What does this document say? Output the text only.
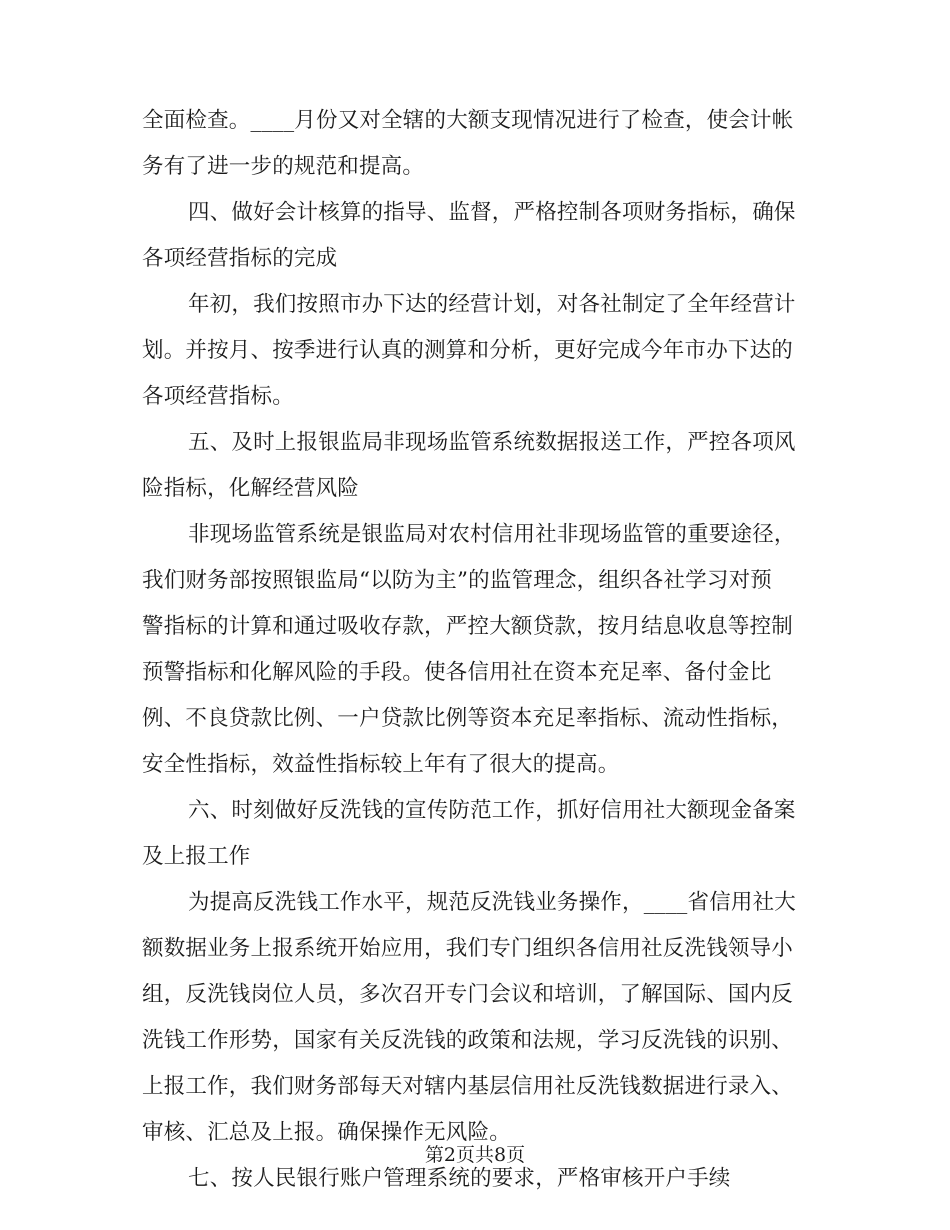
全面检查。____月份又对全辖的大额支现情况进行了检查，使会计帐
务有了进一步的规范和提高。
四、做好会计核算的指导、监督，严格控制各项财务指标，确保
各项经营指标的完成
年初，我们按照市办下达的经营计划，对各社制定了全年经营计
划。并按月、按季进行认真的测算和分析，更好完成今年市办下达的
各项经营指标。
五、及时上报银监局非现场监管系统数据报送工作，严控各项风
险指标，化解经营风险
非现场监管系统是银监局对农村信用社非现场监管的重要途径，
我们财务部按照银监局“以防为主”的监管理念，组织各社学习对预
警指标的计算和通过吸收存款，严控大额贷款，按月结息收息等控制
预警指标和化解风险的手段。使各信用社在资本充足率、备付金比
例、不良贷款比例、一户贷款比例等资本充足率指标、流动性指标，
安全性指标，效益性指标较上年有了很大的提高。
六、时刻做好反洗钱的宣传防范工作，抓好信用社大额现金备案
及上报工作
为提高反洗钱工作水平，规范反洗钱业务操作，____省信用社大
额数据业务上报系统开始应用，我们专门组织各信用社反洗钱领导小
组，反洗钱岗位人员，多次召开专门会议和培训，了解国际、国内反
洗钱工作形势，国家有关反洗钱的政策和法规，学习反洗钱的识别、
上报工作，我们财务部每天对辖内基层信用社反洗钱数据进行录入、
审核、汇总及上报。确保操作无风险。
七、按人民银行账户管理系统的要求，严格审核开户手续
第2页共8页
